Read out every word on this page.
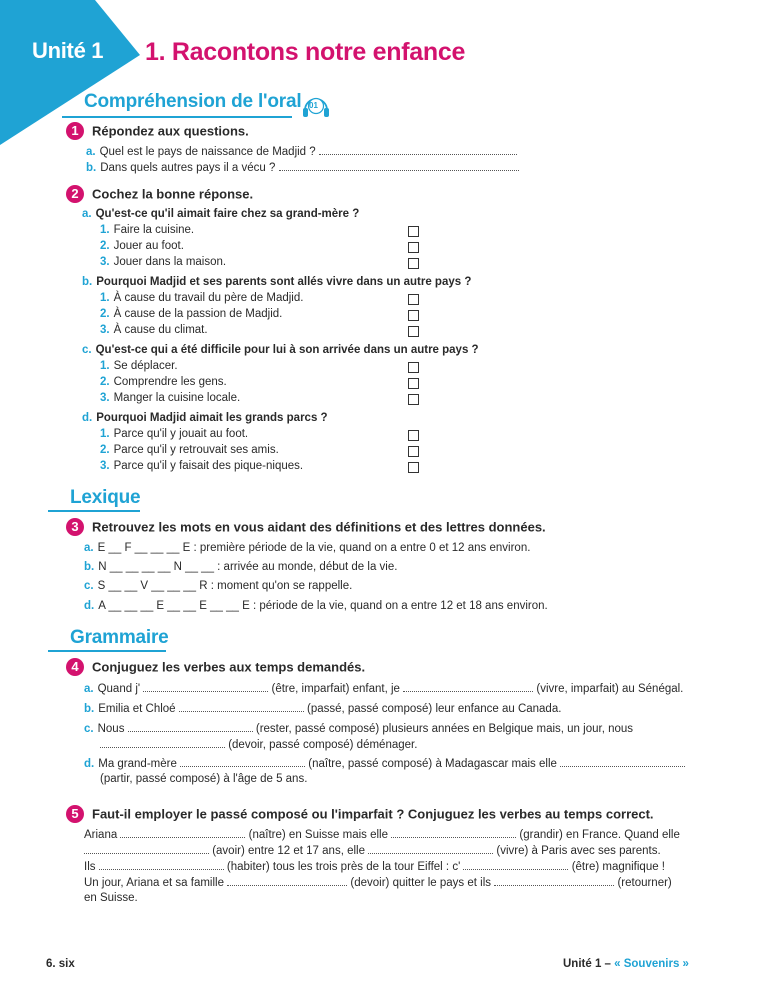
Unité 1 1. Racontons notre enfance
Compréhension de l'oral 01
1 Répondez aux questions.
a. Quel est le pays de naissance de Madjid ?
b. Dans quels autres pays il a vécu ?
2 Cochez la bonne réponse.
a. Qu'est-ce qu'il aimait faire chez sa grand-mère ?
1. Faire la cuisine.
2. Jouer au foot.
3. Jouer dans la maison.
b. Pourquoi Madjid et ses parents sont allés vivre dans un autre pays ?
1. À cause du travail du père de Madjid.
2. À cause de la passion de Madjid.
3. À cause du climat.
c. Qu'est-ce qui a été difficile pour lui à son arrivée dans un autre pays ?
1. Se déplacer.
2. Comprendre les gens.
3. Manger la cuisine locale.
d. Pourquoi Madjid aimait les grands parcs ?
1. Parce qu'il y jouait au foot.
2. Parce qu'il y retrouvait ses amis.
3. Parce qu'il y faisait des pique-niques.
Lexique
3 Retrouvez les mots en vous aidant des définitions et des lettres données.
a. E __ F __ __ __ E : première période de la vie, quand on a entre 0 et 12 ans environ.
b. N __ __ __ __ N __ __ : arrivée au monde, début de la vie.
c. S __ __ V __ __ __ R : moment qu'on se rappelle.
d. A __ __ __ E __ __ E __ __ E : période de la vie, quand on a entre 12 et 18 ans environ.
Grammaire
4 Conjuguez les verbes aux temps demandés.
a. Quand j'	(être, imparfait) enfant, je	(vivre, imparfait) au Sénégal.
b. Emilia et Chloé	(passé, passé composé) leur enfance au Canada.
c. Nous	(rester, passé composé) plusieurs années en Belgique mais, un jour, nous
(devoir, passé composé) déménager.
d. Ma grand-mère	(naître, passé composé) à Madagascar mais elle
(partir, passé composé) à l'âge de 5 ans.
5 Faut-il employer le passé composé ou l'imparfait ? Conjuguez les verbes au temps correct.
Ariana	(naître) en Suisse mais elle	(grandir) en France. Quand elle
(avoir) entre 12 et 17 ans, elle	(vivre) à Paris avec ses parents.
Ils	(habiter) tous les trois près de la tour Eiffel : c'	(être) magnifique !
Un jour, Ariana et sa famille	(devoir) quitter le pays et ils	(retourner)
en Suisse.
6. six	Unité 1 – « Souvenirs »
